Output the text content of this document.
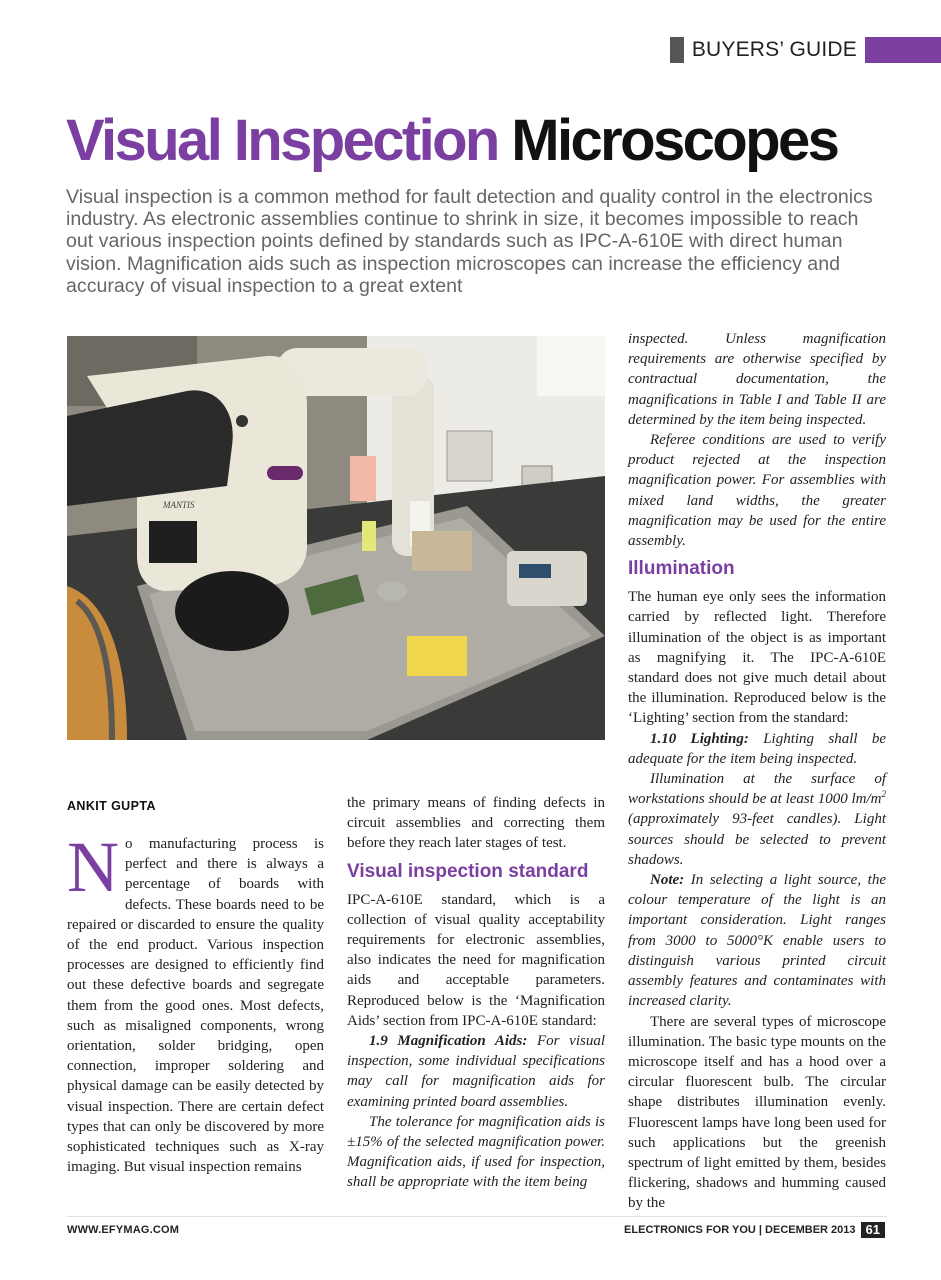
BUYERS’ GUIDE
Visual Inspection Microscopes

Visual inspection is a common method for fault detection and quality control in the electronics industry. As electronic assemblies continue to shrink in size, it becomes impossible to reach out various inspection points defined by standards such as IPC-A-610E with direct human vision. Magnification aids such as inspection microscopes can increase the efficiency and accuracy of visual inspection to a great extent

MANTIS
ANKIT GUPTA
N o manufacturing process is perfect and there is always a percentage of boards with defects. These boards need to be repaired or discarded to ensure the quality of the end product. Various inspection processes are designed to efficiently find out these defective boards and segregate them from the good ones. Most defects, such as misaligned components, wrong orientation, solder bridging, open connection, improper soldering and physical damage can be easily detected by visual inspection. There are certain defect types that can only be discovered by more sophisticated techniques such as X-ray imaging. But visual inspection remains

the primary means of finding defects in circuit assemblies and correcting them before they reach later stages of test.

Visual inspection standard

IPC-A-610E standard, which is a collection of visual quality acceptability requirements for electronic assemblies, also indicates the need for magnification aids and acceptable parameters. Reproduced below is the ‘Magnification Aids’ section from IPC-A-610E standard:

1.9 Magnification Aids: For visual inspection, some individual specifications may call for magnification aids for examining printed board assemblies.

The tolerance for magnification aids is ±15% of the selected magnification power. Magnification aids, if used for inspection, shall be appropriate with the item being

inspected. Unless magnification requirements are otherwise specified by contractual documentation, the magnifications in Table I and Table II are determined by the item being inspected.

Referee conditions are used to verify product rejected at the inspection magnification power. For assemblies with mixed land widths, the greater magnification may be used for the entire assembly.

Illumination

The human eye only sees the information carried by reflected light. Therefore illumination of the object is as important as magnifying it. The IPC-A-610E standard does not give much detail about the illumination. Reproduced below is the ‘Lighting’ section from the standard:

1.10 Lighting: Lighting shall be adequate for the item being inspected.

Illumination at the surface of workstations should be at least 1000 $lm/m^2$ (approximately 93-feet candles). Light sources should be selected to prevent shadows.

Note: In selecting a light source, the colour temperature of the light is an important consideration. Light ranges from 3000 to 5000°K enable users to distinguish various printed circuit assembly features and contaminates with increased clarity.

There are several types of microscope illumination. The basic type mounts on the microscope itself and has a hood over a circular fluorescent bulb. The circular shape distributes illumination evenly. Fluorescent lamps have long been used for such applications but the greenish spectrum of light emitted by them, besides flickering, shadows and humming caused by the

WWW.EFYMAG.COM	ELECTRONICS FOR YOU | DECEMBER 2013 61
